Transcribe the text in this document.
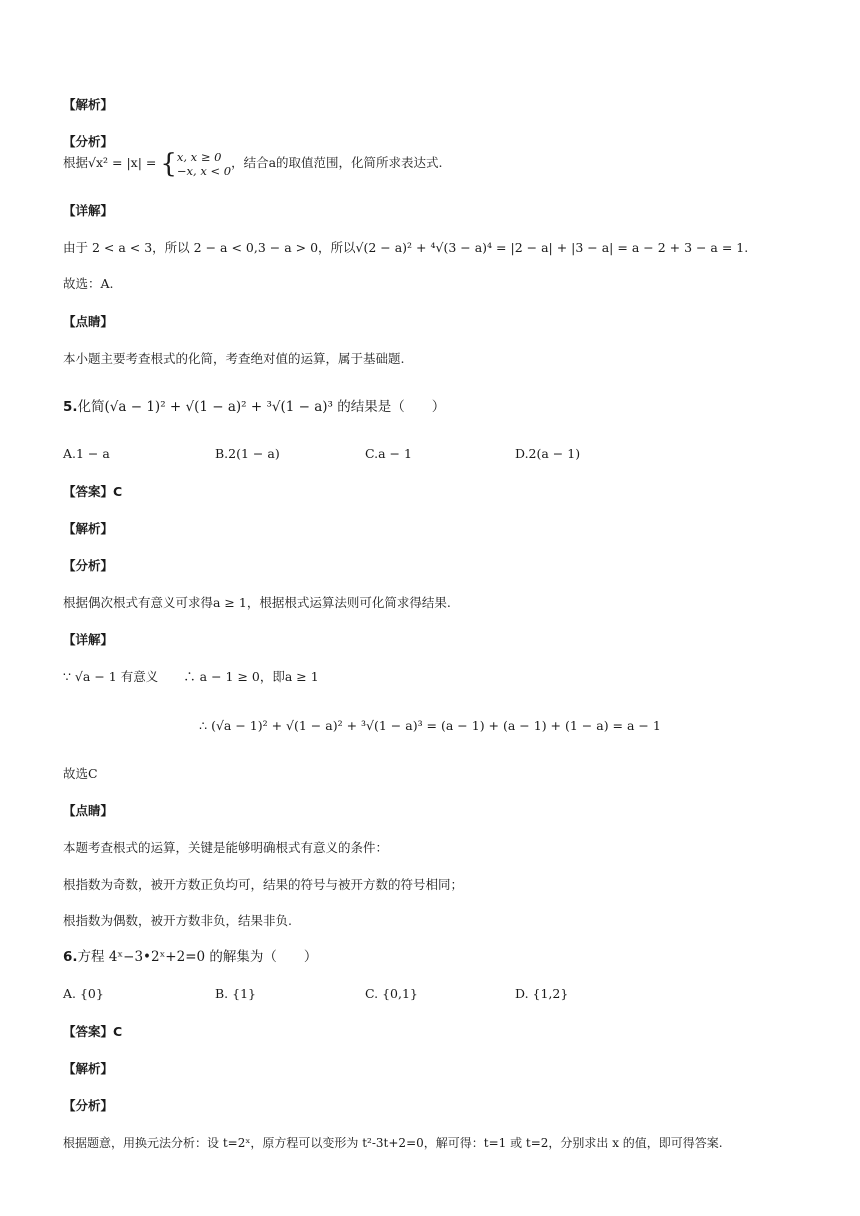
【解析】
【分析】
根据√x² = |x| = { x, x ≥ 0
−x, x < 0
，结合a的取值范围，化简所求表达式.
【详解】
由于 2 < a < 3，所以 2 − a < 0,3 − a > 0，所以√(2 − a)² + ⁴√(3 − a)⁴ = |2 − a| + |3 − a| = a − 2 + 3 − a = 1.
故选：A.
【点睛】
本小题主要考查根式的化简，考查绝对值的运算，属于基础题.
5.化简(√a − 1)² + √(1 − a)² + ³√(1 − a)³ 的结果是（　　）
A.1 − a	B.2(1 − a)	C.a − 1	D.2(a − 1)
【答案】C
【解析】
【分析】
根据偶次根式有意义可求得a ≥ 1，根据根式运算法则可化简求得结果.
【详解】
∵ √a − 1 有意义　　∴ a − 1 ≥ 0，即a ≥ 1
∴ (√a − 1)² + √(1 − a)² + ³√(1 − a)³ = (a − 1) + (a − 1) + (1 − a) = a − 1
故选C
【点睛】
本题考查根式的运算，关键是能够明确根式有意义的条件：
根指数为奇数，被开方数正负均可，结果的符号与被开方数的符号相同；
根指数为偶数，被开方数非负，结果非负.
6.方程 4ˣ−3•2ˣ+2=0 的解集为（　　）
A. {0}	B. {1}	C. {0,1}	D. {1,2}
【答案】C
【解析】
【分析】
根据题意，用换元法分析：设 t=2ˣ，原方程可以变形为 t²-3t+2=0，解可得：t=1 或 t=2，分别求出 x 的值，即可得答案.
